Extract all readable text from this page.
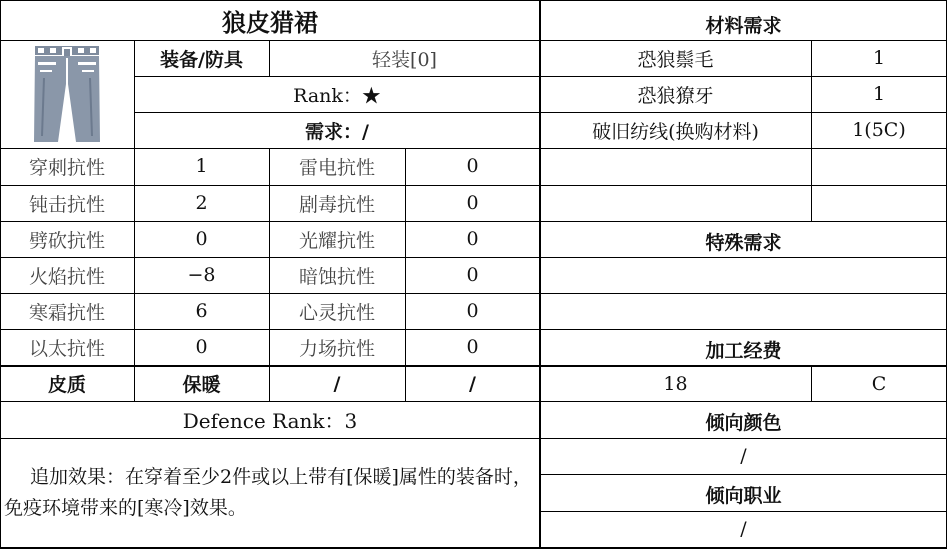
狼皮猎裙
装备/防具	轻装[0]
Rank：★
需求：/
穿刺抗性	1	雷电抗性	0
钝击抗性	2	剧毒抗性	0
劈砍抗性	0	光耀抗性	0
火焰抗性	−8	暗蚀抗性	0
寒霜抗性	6	心灵抗性	0
以太抗性	0	力场抗性	0
皮质	保暖	/	/
Defence Rank：3
追加效果：在穿着至少2件或以上带有[保暖]属性的装备时，免疫环境带来的[寒冷]效果。
材料需求
恐狼鬃毛	1
恐狼獠牙	1
破旧纺线(换购材料)	1(5C)
特殊需求
加工经费
18	C
倾向颜色
/
倾向职业
/
